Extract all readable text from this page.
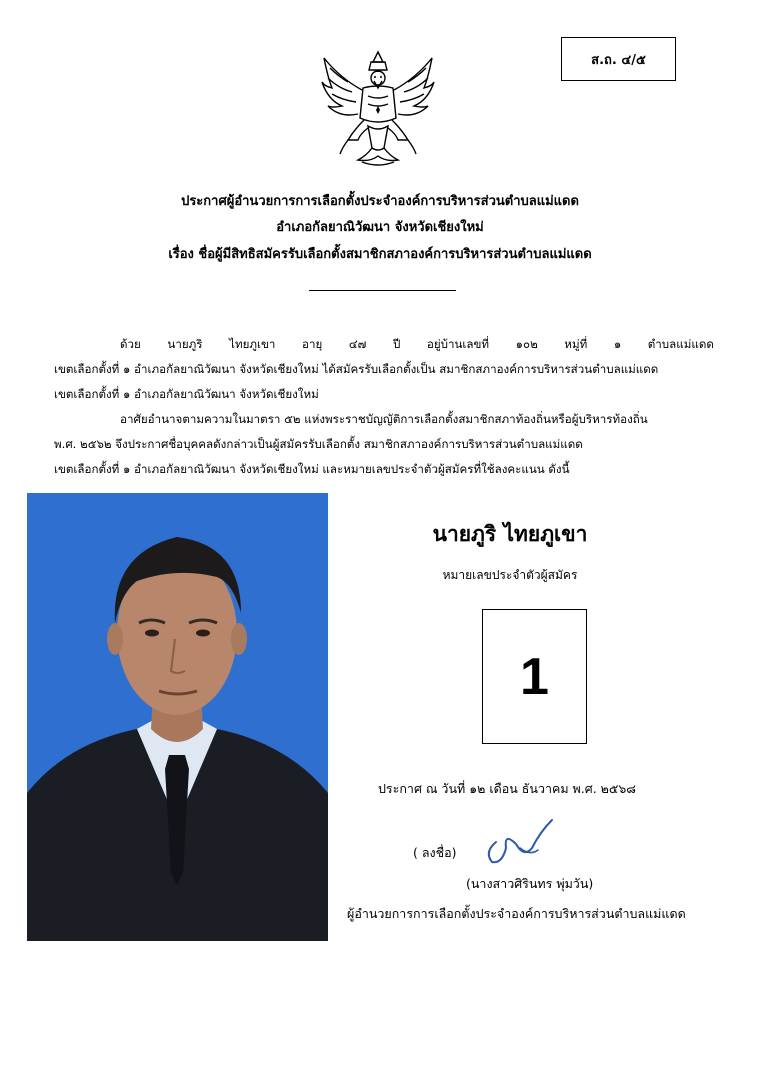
ส.ถ. ๔/๕
ประกาศผู้อำนวยการการเลือกตั้งประจำองค์การบริหารส่วนตำบลแม่แดด
อำเภอกัลยาณิวัฒนา จังหวัดเชียงใหม่
เรื่อง ชื่อผู้มีสิทธิสมัครรับเลือกตั้งสมาชิกสภาองค์การบริหารส่วนตำบลแม่แดด
ด้วย นายภูริ ไทยภูเขา อายุ ๔๗ ปี อยู่บ้านเลขที่ ๑๐๒ หมู่ที่ ๑ ตำบลแม่แดด
เขตเลือกตั้งที่ ๑ อำเภอกัลยาณิวัฒนา จังหวัดเชียงใหม่ ได้สมัครรับเลือกตั้งเป็น สมาชิกสภาองค์การบริหารส่วนตำบลแม่แดด
เขตเลือกตั้งที่ ๑ อำเภอกัลยาณิวัฒนา จังหวัดเชียงใหม่
อาศัยอำนาจตามความในมาตรา ๕๒ แห่งพระราชบัญญัติการเลือกตั้งสมาชิกสภาท้องถิ่นหรือผู้บริหารท้องถิ่น
พ.ศ. ๒๕๖๒ จึงประกาศชื่อบุคคลดังกล่าวเป็นผู้สมัครรับเลือกตั้ง สมาชิกสภาองค์การบริหารส่วนตำบลแม่แดด
เขตเลือกตั้งที่ ๑ อำเภอกัลยาณิวัฒนา จังหวัดเชียงใหม่ และหมายเลขประจำตัวผู้สมัครที่ใช้ลงคะแนน ดังนี้
นายภูริ ไทยภูเขา
หมายเลขประจำตัวผู้สมัคร
1
ประกาศ ณ วันที่ ๑๒ เดือน ธันวาคม พ.ศ. ๒๕๖๘
( ลงชื่อ)
(นางสาวศิรินทร พุ่มวัน)
ผู้อำนวยการการเลือกตั้งประจำองค์การบริหารส่วนตำบลแม่แดด
